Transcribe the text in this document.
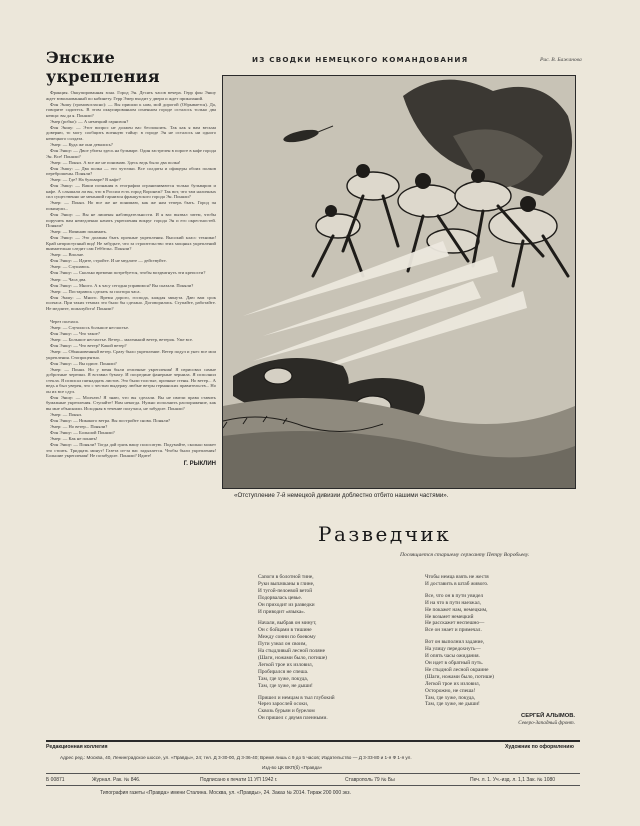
Энские укрепления

Франция. Оккупированная зона. Город Эн. Десять часов вечера. Герр фон Эншу ждет взволнованный по кабинету. Герр Эмер входит у двери и ждет приказаний.

Фон Эншу (громовогласно): — Вы пришли к нам, мой дорогой (Обрывается). Да, говорите садитесь. В этом оккупированном огненном городе осталось только два немца: вы да я. Поняли?

Эмер (робко): — А немецкий гарнизон?

Фон Эншу: — Этот вопрос не должен вас беспокоить. Так как я вам весьма доверяю, то могу сообщить военную тайну: в городе Эн не осталось ни одного немецкого солдата.

Эмер: — Куда же они девались?

Фон Эншу: — Двое убиты здесь на бульваре. Один застрелен в пороге в кафе города Эн. Все! Поняли?

Эмер: — Понял. А все же не понимаю. Здесь ведь было два полка!

Фон Эншу: — Два полка — это чуточки. Все солдаты и офицеры обоих полков переброшены. Поняли?

Эмер: — Где? На бульваре? В кафе?

Фон Эншу: — Ваши познания в географии ограничиваются только бульваром и кафе. А слышали ли вы, что в России есть город Воронеж? Так вот, что там наличных сил существенно не меньший гарнизон французского города Эн. Поняли?

Эмер: — Понял. Но все же не понимаю, как же нам теперь быть. Город эн покинули...

Фон Эншу: — Вы не лишены наблюдательности. И я вас вызвал затем, чтобы поручить вам немедленно начать укрепления вокруг города Эн и его окрестностей. Поняли?

Эмер: — Начинаю понимать.

Фон Эншу: — Это должны быть прочные укрепления. Высокий класс техники! Край неприступный вид! Не забудьте, что за строительство этих мощных укреплений внимательно следит сам Геббельс. Поняли?

Эмер: — Вполне.

Фон Эншу: — Идите, стройте. И не медлите — действуйте.

Эмер: — Слушаюсь.

Фон Эншу: — Сколько времени потребуется, чтобы воздвигнуть эти крепости?

Эмер: — Часа два.

Фон Эншу: — Много. А к часу сегодня управимся? Вы сказали. Поняли?

Эмер: — Постараюсь сделать за полтора часа.

Фон Эншу: — Много. Время дорого, господа, каждая минута. Даю вам срок полчаса. При таких темпах это было бы сделано. Договорились. Ступайте, работайте. Не медлите, пожалуйста! Поняли?

Через полчаса.

Эмер: — Случилось большое несчастье.

Фон Эншу: — Что такое?

Эмер: — Большое несчастье. Ветер... маленький ветер, ветерок. Уже все.

Фон Эншу: — Что ветер? Какой ветер?

Эмер: — Обыкновенный ветер. Сразу было укрепление. Ветер подул и унес все мои укрепления. Стопроцентно.

Фон Эншу: — Вы идиот. Поняли?

Эмер: — Понял. Но у меня были отличные укрепления! Я изрисовал самые добротные черепки. Я вставил бумагу. И посредине фанерные чернила. Я исполнил стекла. Я исписал пятнадцать листов. Это были толстые, прочные стены. Но ветер... А ведь я был уверен, что с честью выдержу любые ветры германских правительств... Но он их все сдул.

Фон Эншу: — Молчать! Я знаю, что вы сделали. Вы не имели права ставить бумажные укрепления. Ступайте! Нам некогда. Нужно исполнить распоряжение, как вы мне объяснили. Исходная в течение получаса, не забудьте. Поняли?

Эмер: — Понял.

Фон Эншу: — Никакого ветра. Вы постройте снова. Поняли?

Эмер: — Но ветер... Поняли?

Фон Эншу: — Большой Поняли?

Эмер: — Как не понять!

Фон Эншу: — Поняли? Тогда дай грязь вашу полосатую. Подумайте, сколько может это стоить. Тридцать минут! Газета из-за вас задыхается. Чтобы были укрепления! Большие укрепления! Не позабудьте. Поняли? Идите!

Г. РЫКЛИН
ИЗ СВОДКИ НЕМЕЦКОГО КОМАНДОВАНИЯ	Рис. В. Бажанова
«Отступление 7-й немецкой дивизии доблестно отбито нашими частями».
Разведчик
Посвящается старшему сержанту Петру Воробьеву.
Сапоги в болотной тине,
Руки выпачканы в глине,
И тугой-пелоевой ветой
Подорвалась цевье.
Он приходит из разведки
И приводит «языка».
Начали, выбрав он минут,
Он с бойцами в тишине
Между сонни по боевому
Пути узнал он своим,
На стыдливый лесной поляне
(Шаги, ножами было, потише)
Легкой трое их изловил,
Пробирался не спеша.
Там, где хуже, покуда,
Там, где хуже, не дыши!
Пришел и немцам в тыл глубокий
Через зарослей осоки,
Сквозь бурьян и бурелом
Он пришел с двумя пленными.
Чтобы немца взять не жестя
И доставить в штаб живого.
Все, что он в пути увидел
И на что в пути наезжал,
Не покажет нам, немецким,
Не возьмет немецкий
Не расскажет неспешно—
Все он знает и примечал.
Вот он выполнил задание,
На улицу передохнуть—
И опять часы ожидания.
Он идет в обратный путь.
Не стыдной лесной окраине
(Шаги, ножами было, потише)
Легкой трое их изловил,
Осторожно, не спеша!
Там, где хуже, покуда,
Там, где хуже, не дыши!
СЕРГЕЙ АЛЫМОВ.
Северо-Западный фронт.
Редакционная коллегия	Художник по оформлению
Адрес ред.: Москва, 40, Ленинградское шоссе, ул. «Правды», 24; тел. Д 3-30-00, Д 3-36-40; Время лишь с 9 до 5 часов; Издательство — Д 3-33-80 и 1-я Ф 1-я ул.
Изд-во ЦК ВКП(б) «Правда»
Б 00871	Журнал. Рак. № 846.	Подписано к печати 11 УП 1942 г.	Ставрополь 79 № Бы	Печ. л. 1. Уч.-изд. л. 1,1 Зак. № 1080
Типография газеты «Правда» имени Сталина. Москва, ул. «Правды», 24. Заказ № 2014. Тираж 200 000 экз.
